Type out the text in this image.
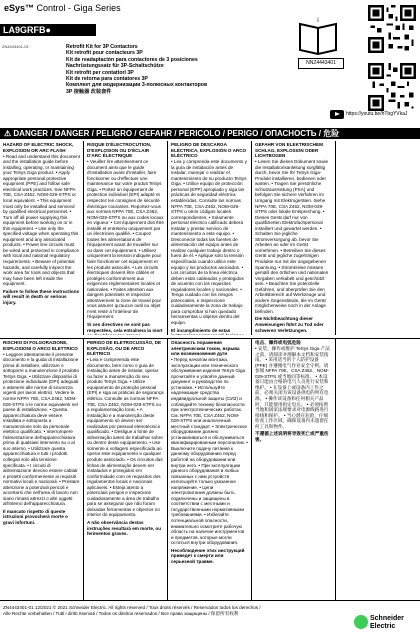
eSys™ Control - Giga Series
LA9GRFB●
ZN4443401-01	Retrofit Kit for 3P Contactors
Kit retrofit pour contacteurs 3P
Kit de readaptación para contactores de 3 posiciones
Nachrüstungssatz für 3P-Schaltschütze
Kit retrofit per contattori 3P
Kit de retorna para contatores 3P
Комплект для модернизации 3-полюсных контакторов
3P 接触器 改装套件
i
NNZ4443401
https://youtu.be/hTbgYVkaJ
⚠ DANGER / DANGER / PELIGRO / GEFAHR / PERICOLO / PERIGO / ОПАСНОСТЬ / 危险
HAZARD OF ELECTRIC SHOCK, EXPLOSION OR ARC FLASH

• Read and understand this document and the installation guide before installing, operating, or maintaining your TeSys Giga product. • Apply appropriate personal protective equipment (PPE) and follow safe electrical work practices. See NFPA 70E, CSA Z462, NOM-029-STPS or local equivalent. • This equipment must only be installed and serviced by qualified electrical personnel. • Turn off all power supplying this equipment before working on or in this equipment. • Use only the specified voltage when operating this equipment and any associated products. • Power line circuits must be wired and protected in compliance with local and national regulatory requirements. • Beware of potential hazards, and carefully inspect the work area for tools and objects that may have been left inside the equipment.

Failure to follow these instructions will result in death or serious injury.
RISQUE D'ÉLECTROCUTION, D'EXPLOSION OU D'ÉCLAIR D'ARC ÉLECTRIQUE

• Veuillez lire attentivement ce document ainsi que le guide d'installation avant d'installer, faire fonctionner ou d'effectuer une maintenance sur votre produit TeSys Giga. • Portez un équipement de protection individuel (EPI) adapté et respectez les consignes de sécurité électrique courantes. Reportez-vous aux normes NFPA 70E, CSA Z462, NOM-029-STPS ou aux codes locaux en vigueur. • Cet équipement doit être installé et entretenu uniquement par un électricien qualifié. • Coupez toutes les alimentations de l'équipement avant de travailler sur ou dans cet équipement. • Utilisez uniquement la tension indiquée pour faire fonctionner cet équipement et les produits associés. • Les circuits électriques doivent être câblés et protégés conformément aux exigences réglementaires locales et nationales. • Faites attention aux dangers potentiels et inspectez attentivement la zone de travail pour vous assurer qu'aucun outil ou objet n'est resté à l'intérieur de l'équipement.

Si ces directives ne sont pas respectées, cela entraînera la mort
PELIGRO DE DESCARGA ELÉCTRICA, EXPLOSIÓN O ARCO ELÉCTRICO

• Lea y comprenda este documento y la guía de instalación antes de instalar, manejar o realizar el mantenimiento de su producto TeSys Giga. • Utilice equipo de protección personal (EPP) apropiado y siga las prácticas de seguridad eléctrica establecidas. Consulte las normas NFPA 70E, CSA Z462, NOM-029-STPS u otros códigos locales correspondientes. • Solamente personal eléctrico calificado deberá instalar y prestar servicio de mantenimiento a este equipo. • Desconecte todas las fuentes de alimentación del equipo antes de realizar cualquier trabajo dentro o fuera de él. • Aplique solo la tensión especificada cuando utilice este equipo y los productos asociados. • Los circuitos de la línea eléctrica deben estar cableados y protegidos de acuerdo con los requisitos reguladores locales y nacionales. • Tenga cuidado con los riesgos potenciales, e inspeccione cuidadosamente la zona de trabajo para comprobar si han quedado herramientas u objetos dentro del equipo.

El incumplimiento de estas
GEFAHR VON ELEKTRISCHEM SCHLAG, EXPLOSION ODER LICHTBOGEN

• Lesen Sie dieses Dokument sowie die Installationsanleitung sorgfältig durch, bevor Sie Ihr TeSys Giga-Produkt installieren, bedienen oder warten. • Tragen Sie persönliche Schutzausrüstung (PSA) und befolgen Sie sichere Verfahren im Umgang mit Elektrogeräten. Siehe NFPA 70E, CSA Z462, NOM-029-STPS oder lokale Entsprechung. • Dieses Gerät darf nur von qualifizierten Elektrofachpersonal installiert und gewartet werden. • Schalten Sie jegliche Stromversorgung ab, bevor Sie Arbeiten an oder im Gerät vornehmen. • Betreiben Sie dieses Gerät und jegliche zugehörigen Produkte nur mit der angegebenen Spannung. • Stromkreise müssen gemäß den örtlichen und nationalen Vorgaben verkabelt und geschützt sein. • Beachten Sie potenzielle Gefahren, und überprüfen Sie den Arbeitsbereich auf Werkzeuge und andere Gegenstände, die im Gerät möglicherweise noch in der Anlage befinden.

Die Nichtbeachtung dieser Anweisungen führt zu Tod oder schweren Verletzungen.

RISCHIO DI FOLGORAZIONE, ESPLOSIONI O ARCO ELETTRICO

• Leggere attentamente il presente documento e la guida di installazione prima di installare, utilizzare o sottoporre a manutenzione il prodotto TeSys Giga. • Utilizzare dispositivi di protezione individuale (DPI) adeguati e attenersi alle norme di sicurezza vigenti per lavori elettrici. Vedere le norme NFPA 70E, CSA Z462, NOM-029-STPS o le norme equivalenti nel paese di installazione. • Questa apparecchiatura deve essere installata e sottoposta a manutenzione solo da personale elettrico qualificato. • Interrompere l'alimentazione dell'apparecchiatura prima di qualsiasi intervento su o al suo interno. • Utilizzare questa apparecchiatura e tutti i prodotti collegati solo alla tensione specificata. • I circuiti di alimentazione devono essere cablati e protetti conformemente ai requisiti normativi locali e nazionali. • Prestare attenzione a potenziali pericoli e accertarsi che nell'area di lavoro non siano rimasti attrezzi o altri oggetti all'interno dell'apparecchiatura.

Il mancato rispetto di queste istruzioni provocherà morte o gravi infortuni.
PERIGO DE ELETROCUSSÃO, DE EXPLOSÃO, OU DE ARCO ELÉTRICO

• Leia e compreenda este documento, bem como o guia de instalação antes de instalar, operar ou fazer a manutenção do seu produto TeSys Giga. • Utilize equipamento de proteção pessoal (EPI) e siga as práticas de segurança elétrica. Consulte as normas NFPA 70E, CSA Z462, NOM-029-STPS ou a regulamentação local. • A instalação e a manutenção deste equipamento só devem ser realizadas por pessoal eletrotécnico qualificado. • Desligue a fonte de alimentação antes de trabalhar sobre ou dentro deste equipamento. • Use somente a voltagem especificada ao operar este equipamento e qualquer produto associado. • Os circuitos das linhas de alimentação devem ser instalados e protegidos em conformidade com os requisitos dos regulamentos locais e nacionais aplicáveis. • Esteja atento a potenciais perigos e inspecione cuidadosamente a área de trabalho para se assegurar que não foram deixadas ferramentas e objectos no interior do equipamento.

A não observância destas instruções resultará em morte, ou ferimentos graves.
Опасность поражения электрическим током, взрыва или возникновения дуги

• Перед началом монтажа, эксплуатации или технического обслуживания изделия TeSys Giga прочитайте и усвойте данный документ и руководство по установке. • Используйте надлежащие средства индивидуальной защиты (СИЗ) и соблюдайте технику безопасности при электротехнических работах. См. NFPA 70E, CSA Z462, NOM-029-STPS или аналогичный местный стандарт. • Электрическое оборудование должно устанавливаться и обслуживаться квалифицированным персоналом. • Выключите подачу питания к данному оборудованию перед работой на оборудовании или внутри него. • При эксплуатации данного оборудования и любых связанных с ним устройств используйте только указанное напряжение. • Цепи электропитания должны быть подключены и защищены в соответствии с местными и государственными нормативными требованиями. • Избегайте потенциальной опасности, внимательно осмотрите рабочую область на наличие инструментов и предметов, которые могли остаться внутри оборудования.

Несоблюдение этих инструкций приведет к смерти или серьезной травме.
电击、爆炸或电弧危险

• 安装、操作或维护 TeSys Giga 产品之前，请阅读并理解本文档和安装指南。 • 采用适当的个人防护设备 (PPE) 并遵循电气作业安全守则。请参阅 NFPA 70E、CSA Z462、NOM-029-STPS 或当地同等标准。 • 本设备只能由合格的电气人员进行安装和维护。 • 在设备上或设备内工作之前，必须关闭为该设备供电的所有电源。 • 操作该设备和任何相关产品时，只能使用指定电压。 • 必须按照当地和国家法规要求对电源线路进行接线和保护。 • 当心潜在危险，仔细检查工作区域，确保设备内未遗留任何工具和物件。

不遵循上述说明将导致死亡或严重伤害。

ZN4443401-01 12/2021 © 2021 Schneider Electric. All rights reserved / Tous droits réservés / Reservados todos los derechos /
Alle Rechte vorbehalten / Tutti i diritti riservati / Todos os direitos reservados / Все права защищены / 保留所有权利
Schneider
Electric
